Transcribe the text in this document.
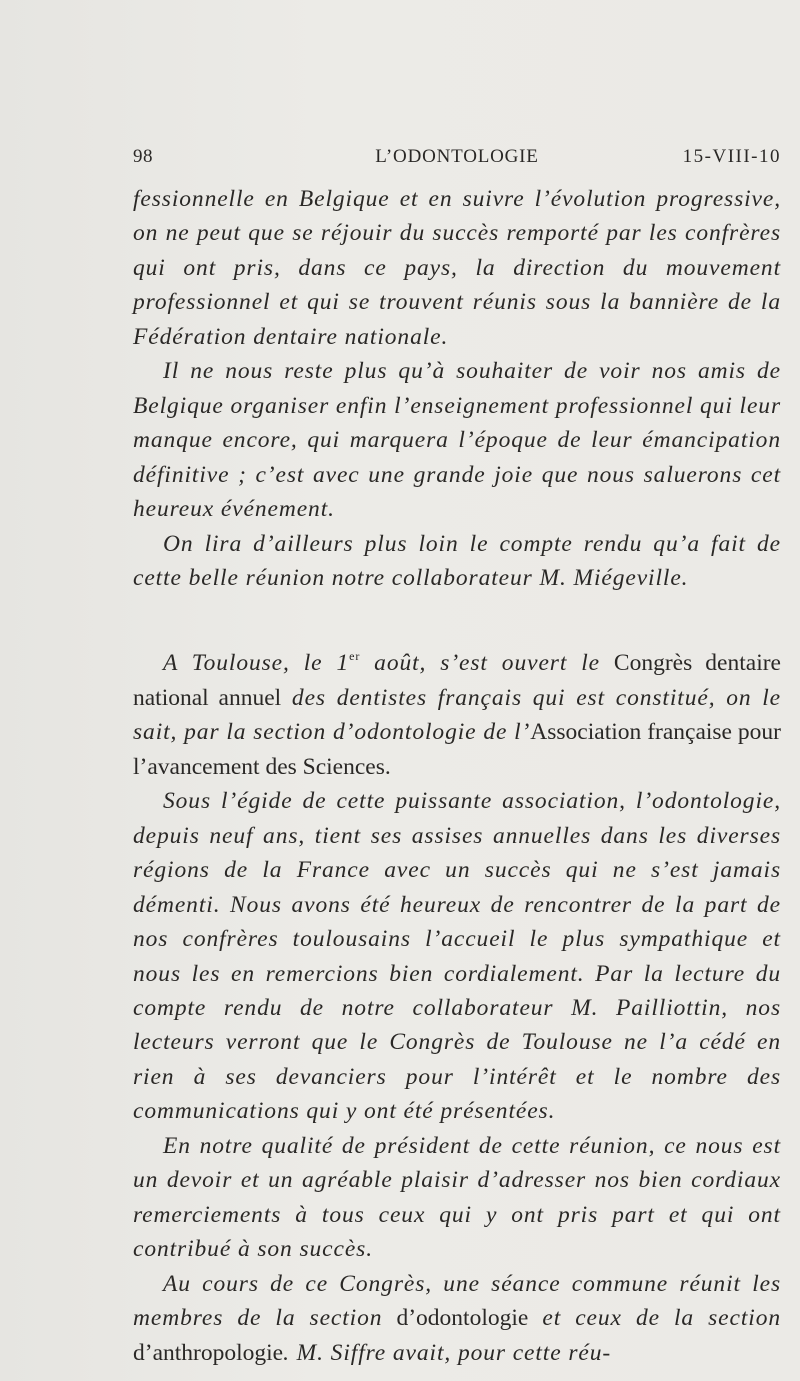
98	L’ODONTOLOGIE	15-VIII-10

fessionnelle en Belgique et en suivre l’évolution progressive, on ne peut que se réjouir du succès remporté par les confrères qui ont pris, dans ce pays, la direction du mouvement professionnel et qui se trouvent réunis sous la bannière de la Fédération dentaire nationale.

Il ne nous reste plus qu’à souhaiter de voir nos amis de Belgique organiser enfin l’enseignement professionnel qui leur manque encore, qui marquera l’époque de leur émancipation définitive ; c’est avec une grande joie que nous saluerons cet heureux événement.

On lira d’ailleurs plus loin le compte rendu qu’a fait de cette belle réunion notre collaborateur M. Miégeville.

A Toulouse, le 1er août, s’est ouvert le Congrès dentaire national annuel des dentistes français qui est constitué, on le sait, par la section d’odontologie de l’Association française pour l’avancement des Sciences.

Sous l’égide de cette puissante association, l’odontologie, depuis neuf ans, tient ses assises annuelles dans les diverses régions de la France avec un succès qui ne s’est jamais démenti. Nous avons été heureux de rencontrer de la part de nos confrères toulousains l’accueil le plus sympathique et nous les en remercions bien cordialement. Par la lecture du compte rendu de notre collaborateur M. Pailliottin, nos lecteurs verront que le Congrès de Toulouse ne l’a cédé en rien à ses devanciers pour l’intérêt et le nombre des communications qui y ont été présentées.

En notre qualité de président de cette réunion, ce nous est un devoir et un agréable plaisir d’adresser nos bien cordiaux remerciements à tous ceux qui y ont pris part et qui ont contribué à son succès.

Au cours de ce Congrès, une séance commune réunit les membres de la section d’odontologie et ceux de la section d’anthropologie. M. Siffre avait, pour cette réu-
